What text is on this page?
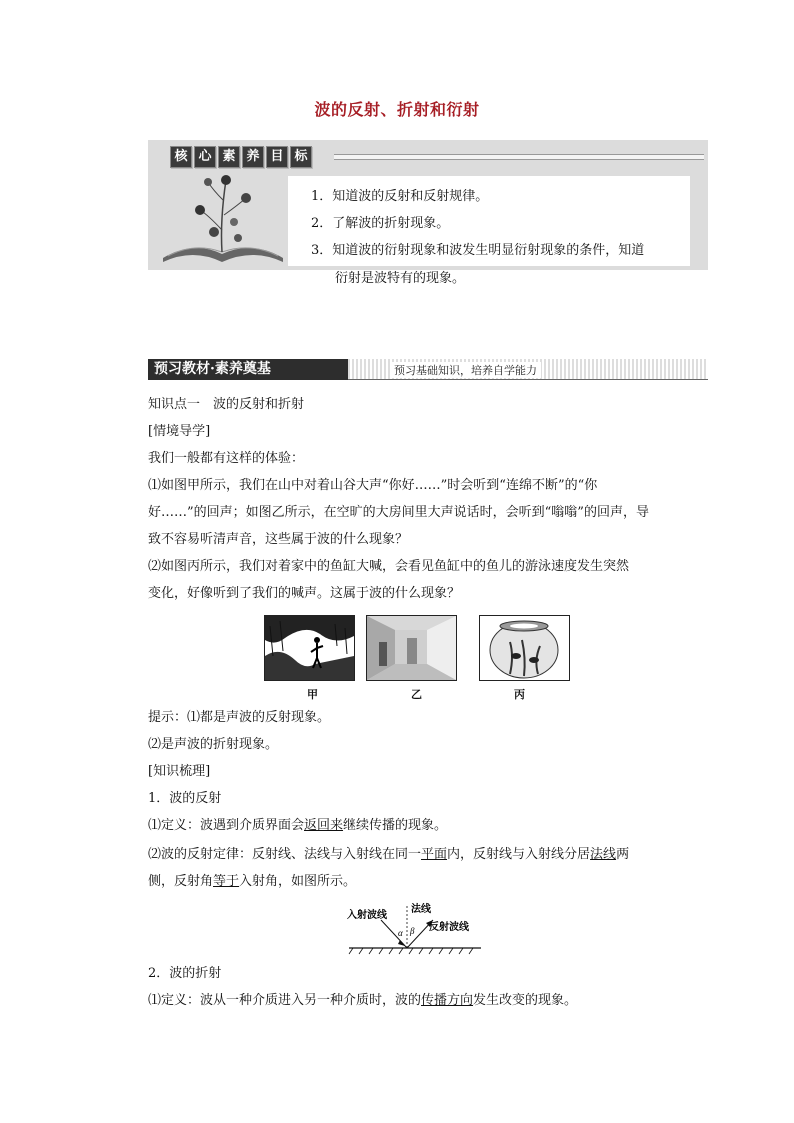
波的反射、折射和衍射
核 心 素 养 目 标
1．知道波的反射和反射规律。
2．了解波的折射现象。
3．知道波的衍射现象和波发生明显衍射现象的条件，知道
衍射是波特有的现象。
预习教材·素养奠基	预习基础知识，培养自学能力
知识点一　波的反射和折射
[情境导学]
我们一般都有这样的体验：
⑴如图甲所示，我们在山中对着山谷大声“你好……”时会听到“连绵不断”的“你
好……”的回声；如图乙所示，在空旷的大房间里大声说话时，会听到“嗡嗡”的回声，导
致不容易听清声音，这些属于波的什么现象？
⑵如图丙所示，我们对着家中的鱼缸大喊，会看见鱼缸中的鱼儿的游泳速度发生突然
变化，好像听到了我们的喊声。这属于波的什么现象？
甲	乙	丙
提示：⑴都是声波的反射现象。
⑵是声波的折射现象。
[知识梳理]
1．波的反射
⑴定义：波遇到介质界面会返回来继续传播的现象。
⑵波的反射定律：反射线、法线与入射线在同一平面内，反射线与入射线分居法线两
侧，反射角等于入射角，如图所示。
入射波线
法线
反射波线
α β
2．波的折射
⑴定义：波从一种介质进入另一种介质时，波的传播方向发生改变的现象。
